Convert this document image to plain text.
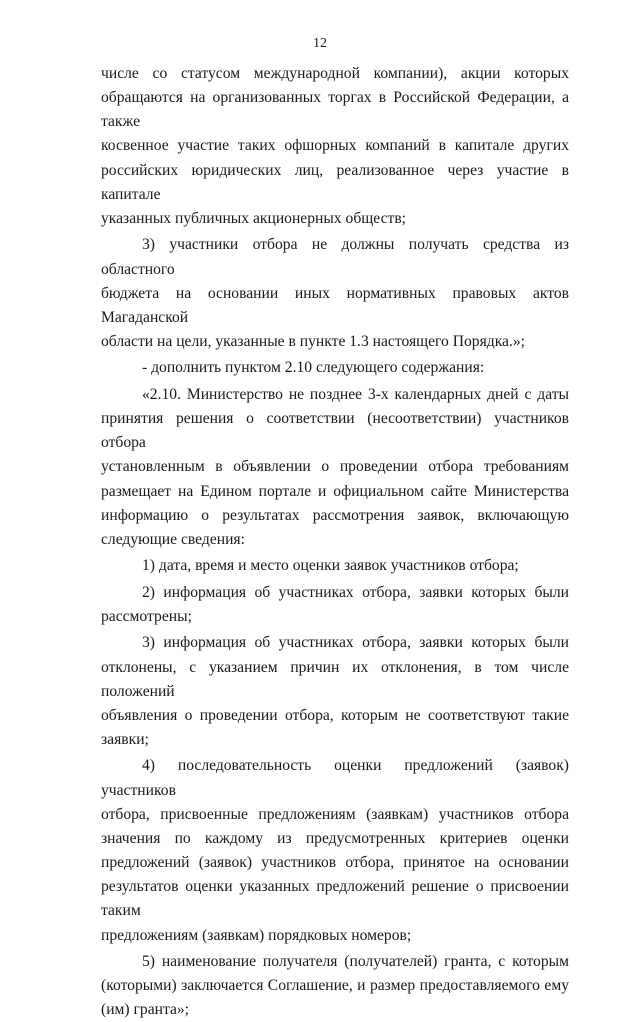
12
числе со статусом международной компании), акции которых
обращаются на организованных торгах в Российской Федерации, а также
косвенное участие таких офшорных компаний в капитале других
российских юридических лиц, реализованное через участие в капитале
указанных публичных акционерных обществ;
3) участники отбора не должны получать средства из областного
бюджета на основании иных нормативных правовых актов Магаданской
области на цели, указанные в пункте 1.3 настоящего Порядка.»;
- дополнить пунктом 2.10 следующего содержания:
«2.10. Министерство не позднее 3-х календарных дней с даты
принятия решения о соответствии (несоответствии) участников отбора
установленным в объявлении о проведении отбора требованиям
размещает на Едином портале и официальном сайте Министерства
информацию о результатах рассмотрения заявок, включающую
следующие сведения:
1) дата, время и место оценки заявок участников отбора;
2) информация об участниках отбора, заявки которых были
рассмотрены;
3) информация об участниках отбора, заявки которых были
отклонены, с указанием причин их отклонения, в том числе положений
объявления о проведении отбора, которым не соответствуют такие
заявки;
4) последовательность оценки предложений (заявок) участников
отбора, присвоенные предложениям (заявкам) участников отбора
значения по каждому из предусмотренных критериев оценки
предложений (заявок) участников отбора, принятое на основании
результатов оценки указанных предложений решение о присвоении таким
предложениям (заявкам) порядковых номеров;
5) наименование получателя (получателей) гранта, с которым
(которыми) заключается Соглашение, и размер предоставляемого ему
(им) гранта»;
